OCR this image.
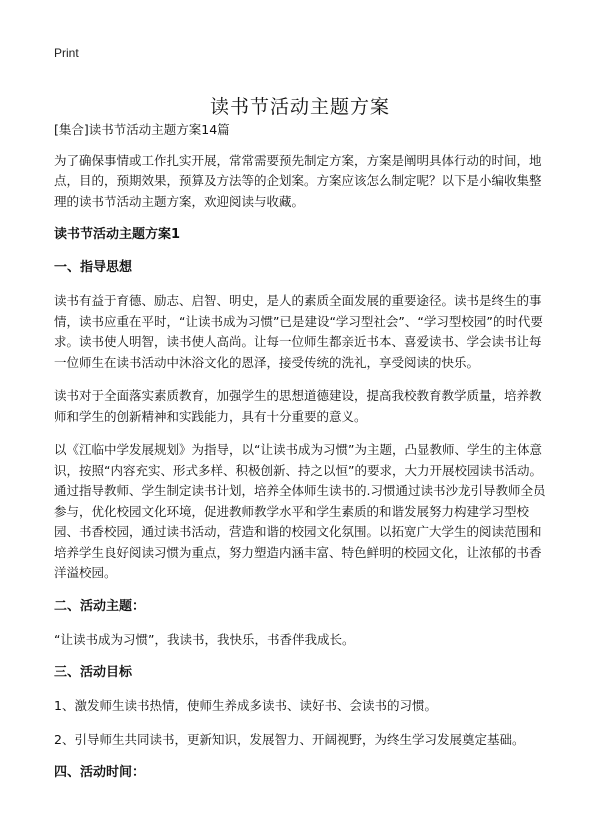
Print
读书节活动主题方案

[集合]读书节活动主题方案14篇

为了确保事情或工作扎实开展，常常需要预先制定方案，方案是阐明具体行动的时间，地点，目的，预期效果，预算及方法等的企划案。方案应该怎么制定呢？以下是小编收集整理的读书节活动主题方案，欢迎阅读与收藏。

读书节活动主题方案1
一、指导思想

读书有益于育德、励志、启智、明史，是人的素质全面发展的重要途径。读书是终生的事情，读书应重在平时，“让读书成为习惯”已是建设“学习型社会”、“学习型校园”的时代要求。读书使人明智，读书使人高尚。让每一位师生都亲近书本、喜爱读书、学会读书让每一位师生在读书活动中沐浴文化的恩泽，接受传统的洗礼，享受阅读的快乐。

读书对于全面落实素质教育，加强学生的思想道德建设，提高我校教育教学质量，培养教师和学生的创新精神和实践能力，具有十分重要的意义。

以《江临中学发展规划》为指导，以“让读书成为习惯”为主题，凸显教师、学生的主体意识，按照“内容充实、形式多样、积极创新、持之以恒”的要求，大力开展校园读书活动。通过指导教师、学生制定读书计划，培养全体师生读书的.习惯通过读书沙龙引导教师全员参与，优化校园文化环境，促进教师教学水平和学生素质的和谐发展努力构建学习型校园、书香校园，通过读书活动，营造和谐的校园文化氛围。以拓宽广大学生的阅读范围和培养学生良好阅读习惯为重点，努力塑造内涵丰富、特色鲜明的校园文化，让浓郁的书香洋溢校园。

二、活动主题：

“让读书成为习惯”，我读书，我快乐，书香伴我成长。

三、活动目标

1、激发师生读书热情，使师生养成多读书、读好书、会读书的习惯。

2、引导师生共同读书，更新知识，发展智力、开阔视野，为终生学习发展奠定基础。

四、活动时间：
